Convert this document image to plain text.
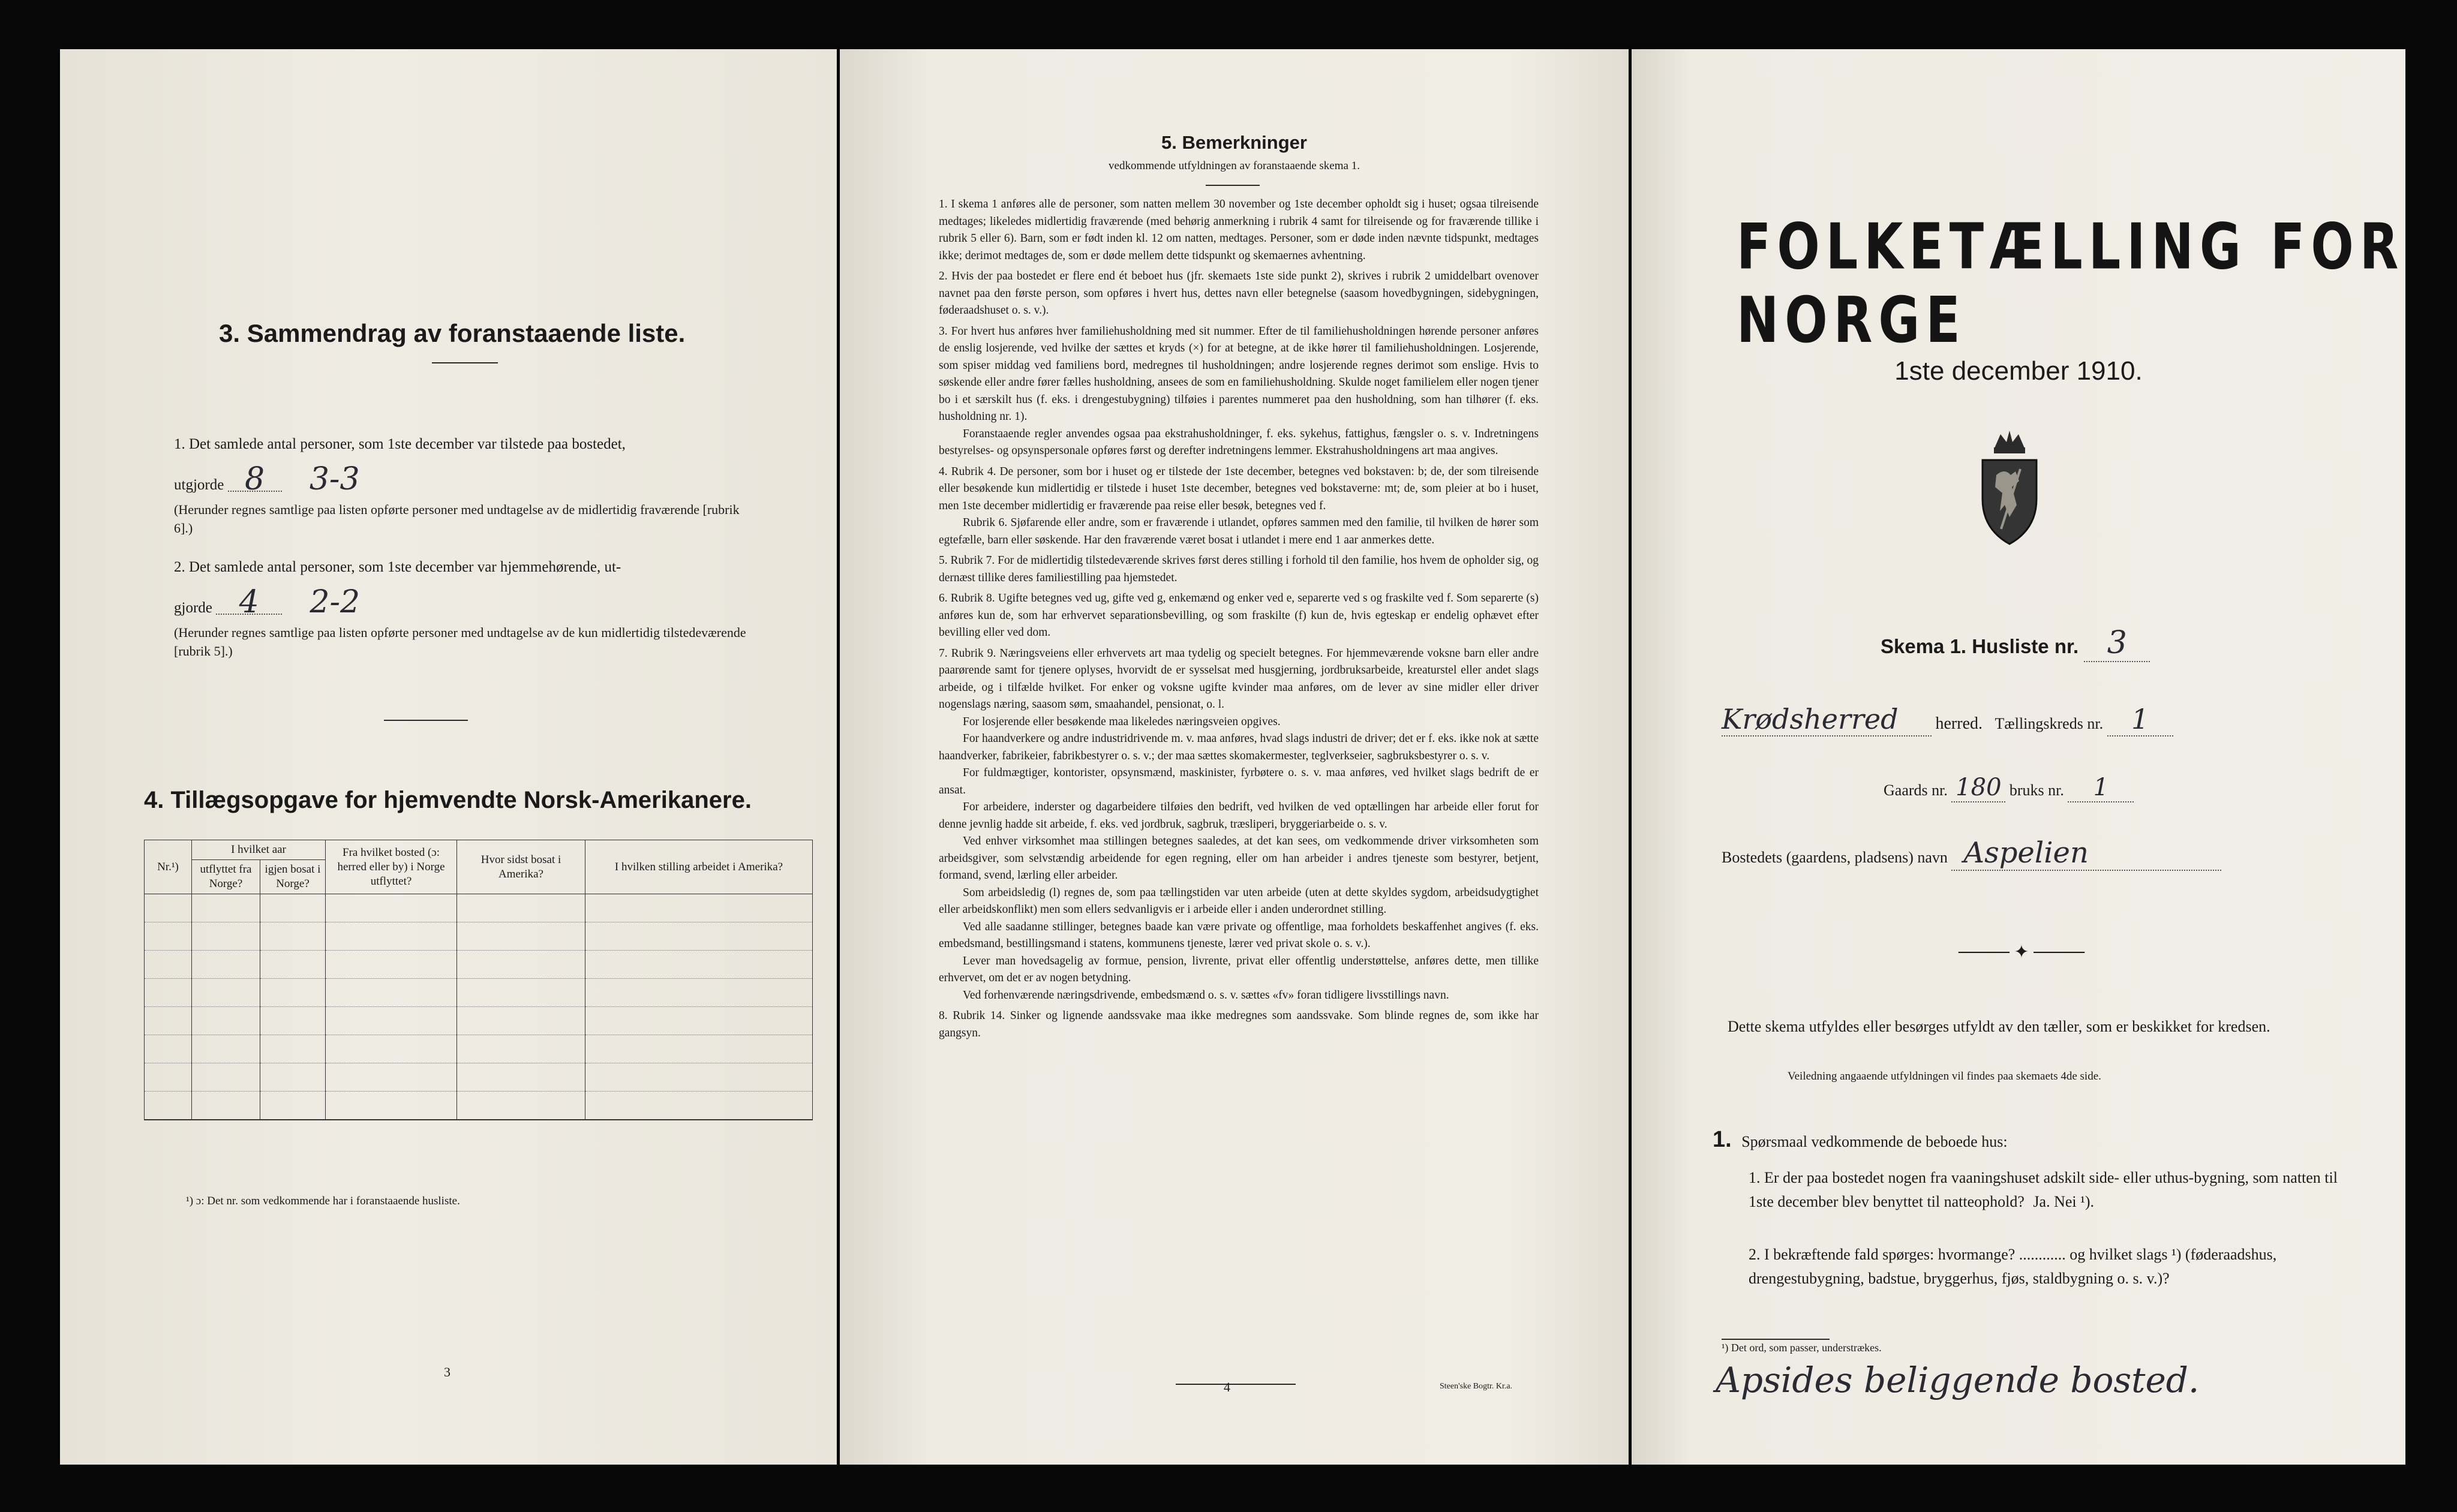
3. Sammendrag av foranstaaende liste.
1. Det samlede antal personer, som 1ste december var tilstede paa bostedet,
utgjorde 8 3-3
(Herunder regnes samtlige paa listen opførte personer med undtagelse av de midlertidig fraværende [rubrik 6].)
2. Det samlede antal personer, som 1ste december var hjemmehørende, ut-
gjorde 4 2-2
(Herunder regnes samtlige paa listen opførte personer med undtagelse av de kun midlertidig tilstedeværende [rubrik 5].)
4. Tillægsopgave for hjemvendte Norsk-Amerikanere.
Nr.¹)	I hvilket aar		Fra hvilket bosted (ɔ: herred eller by) i Norge utflyttet?	Hvor sidst bosat i Amerika?	I hvilken stilling arbeidet i Amerika?
	utflyttet fra Norge?	igjen bosat i Norge?			

¹) ɔ: Det nr. som vedkommende har i foranstaaende husliste.
3
5. Bemerkninger
vedkommende utfyldningen av foranstaaende skema 1.

1. I skema 1 anføres alle de personer, som natten mellem 30 november og 1ste december opholdt sig i huset; ogsaa tilreisende medtages; likeledes midlertidig fraværende (med behørig anmerkning i rubrik 4 samt for tilreisende og for fraværende tillike i rubrik 5 eller 6). Barn, som er født inden kl. 12 om natten, medtages. Personer, som er døde inden nævnte tidspunkt, medtages ikke; derimot medtages de, som er døde mellem dette tidspunkt og skemaernes avhentning.

2. Hvis der paa bostedet er flere end ét beboet hus (jfr. skemaets 1ste side punkt 2), skrives i rubrik 2 umiddelbart ovenover navnet paa den første person, som opføres i hvert hus, dettes navn eller betegnelse (saasom hovedbygningen, sidebygningen, føderaadshuset o. s. v.).

3. For hvert hus anføres hver familiehusholdning med sit nummer. Efter de til familiehusholdningen hørende personer anføres de enslig losjerende, ved hvilke der sættes et kryds (×) for at betegne, at de ikke hører til familiehusholdningen. Losjerende, som spiser middag ved familiens bord, medregnes til husholdningen; andre losjerende regnes derimot som enslige. Hvis to søskende eller andre fører fælles husholdning, ansees de som en familiehusholdning. Skulde noget familielem eller nogen tjener bo i et særskilt hus (f. eks. i drengestubygning) tilføies i parentes nummeret paa den husholdning, som han tilhører (f. eks. husholdning nr. 1).

Foranstaaende regler anvendes ogsaa paa ekstrahusholdninger, f. eks. sykehus, fattighus, fængsler o. s. v. Indretningens bestyrelses- og opsynspersonale opføres først og derefter indretningens lemmer. Ekstrahusholdningens art maa angives.

4. Rubrik 4. De personer, som bor i huset og er tilstede der 1ste december, betegnes ved bokstaven: b; de, der som tilreisende eller besøkende kun midlertidig er tilstede i huset 1ste december, betegnes ved bokstaverne: mt; de, som pleier at bo i huset, men 1ste december midlertidig er fraværende paa reise eller besøk, betegnes ved f.

Rubrik 6. Sjøfarende eller andre, som er fraværende i utlandet, opføres sammen med den familie, til hvilken de hører som egtefælle, barn eller søskende. Har den fraværende været bosat i utlandet i mere end 1 aar anmerkes dette.

5. Rubrik 7. For de midlertidig tilstedeværende skrives først deres stilling i forhold til den familie, hos hvem de opholder sig, og dernæst tillike deres familiestilling paa hjemstedet.

6. Rubrik 8. Ugifte betegnes ved ug, gifte ved g, enkemænd og enker ved e, separerte ved s og fraskilte ved f. Som separerte (s) anføres kun de, som har erhvervet separationsbevilling, og som fraskilte (f) kun de, hvis egteskap er endelig ophævet efter bevilling eller ved dom.

7. Rubrik 9. Næringsveiens eller erhvervets art maa tydelig og specielt betegnes. For hjemmeværende voksne barn eller andre paarørende samt for tjenere oplyses, hvorvidt de er sysselsat med husgjerning, jordbruksarbeide, kreaturstel eller andet slags arbeide, og i tilfælde hvilket. For enker og voksne ugifte kvinder maa anføres, om de lever av sine midler eller driver nogenslags næring, saasom søm, smaahandel, pensionat, o. l.

For losjerende eller besøkende maa likeledes næringsveien opgives.

For haandverkere og andre industridrivende m. v. maa anføres, hvad slags industri de driver; det er f. eks. ikke nok at sætte haandverker, fabrikeier, fabrikbestyrer o. s. v.; der maa sættes skomakermester, teglverkseier, sagbruksbestyrer o. s. v.

For fuldmægtiger, kontorister, opsynsmænd, maskinister, fyrbøtere o. s. v. maa anføres, ved hvilket slags bedrift de er ansat.

For arbeidere, inderster og dagarbeidere tilføies den bedrift, ved hvilken de ved optællingen har arbeide eller forut for denne jevnlig hadde sit arbeide, f. eks. ved jordbruk, sagbruk, træsliperi, bryggeriarbeide o. s. v.

Ved enhver virksomhet maa stillingen betegnes saaledes, at det kan sees, om vedkommende driver virksomheten som arbeidsgiver, som selvstændig arbeidende for egen regning, eller om han arbeider i andres tjeneste som bestyrer, betjent, formand, svend, lærling eller arbeider.

Som arbeidsledig (l) regnes de, som paa tællingstiden var uten arbeide (uten at dette skyldes sygdom, arbeidsudygtighet eller arbeidskonflikt) men som ellers sedvanligvis er i arbeide eller i anden underordnet stilling.

Ved alle saadanne stillinger, betegnes baade kan være private og offentlige, maa forholdets beskaffenhet angives (f. eks. embedsmand, bestillingsmand i statens, kommunens tjeneste, lærer ved privat skole o. s. v.).

Lever man hovedsagelig av formue, pension, livrente, privat eller offentlig understøttelse, anføres dette, men tillike erhvervet, om det er av nogen betydning.

Ved forhenværende næringsdrivende, embedsmænd o. s. v. sættes «fv» foran tidligere livsstillings navn.

8. Rubrik 14. Sinker og lignende aandssvake maa ikke medregnes som aandssvake. Som blinde regnes de, som ikke har gangsyn.

4	Steen'ske Bogtr. Kr.a.
FOLKETÆLLING FOR NORGE
1ste december 1910.
Skema 1. Husliste nr. 3
Krødsherred herred. Tællingskreds nr. 1
Gaards nr. 180 bruks nr. 1
Bostedets (gaardens, pladsens) navn Aspelien
──── ✦ ────
Dette skema utfyldes eller besørges utfyldt av den tæller, som er beskikket for kredsen.
Veiledning angaaende utfyldningen vil findes paa skemaets 4de side.
1. Spørsmaal vedkommende de beboede hus:
1. Er der paa bostedet nogen fra vaaningshuset adskilt side- eller uthus-bygning, som natten til 1ste december blev benyttet til natteophold? Ja. Nei ¹).
2. I bekræftende fald spørges: hvormange? ............ og hvilket slags ¹) (føderaadshus, drengestubygning, badstue, bryggerhus, fjøs, staldbygning o. s. v.)?
¹) Det ord, som passer, understrækes.
Apsides beliggende bosted.
